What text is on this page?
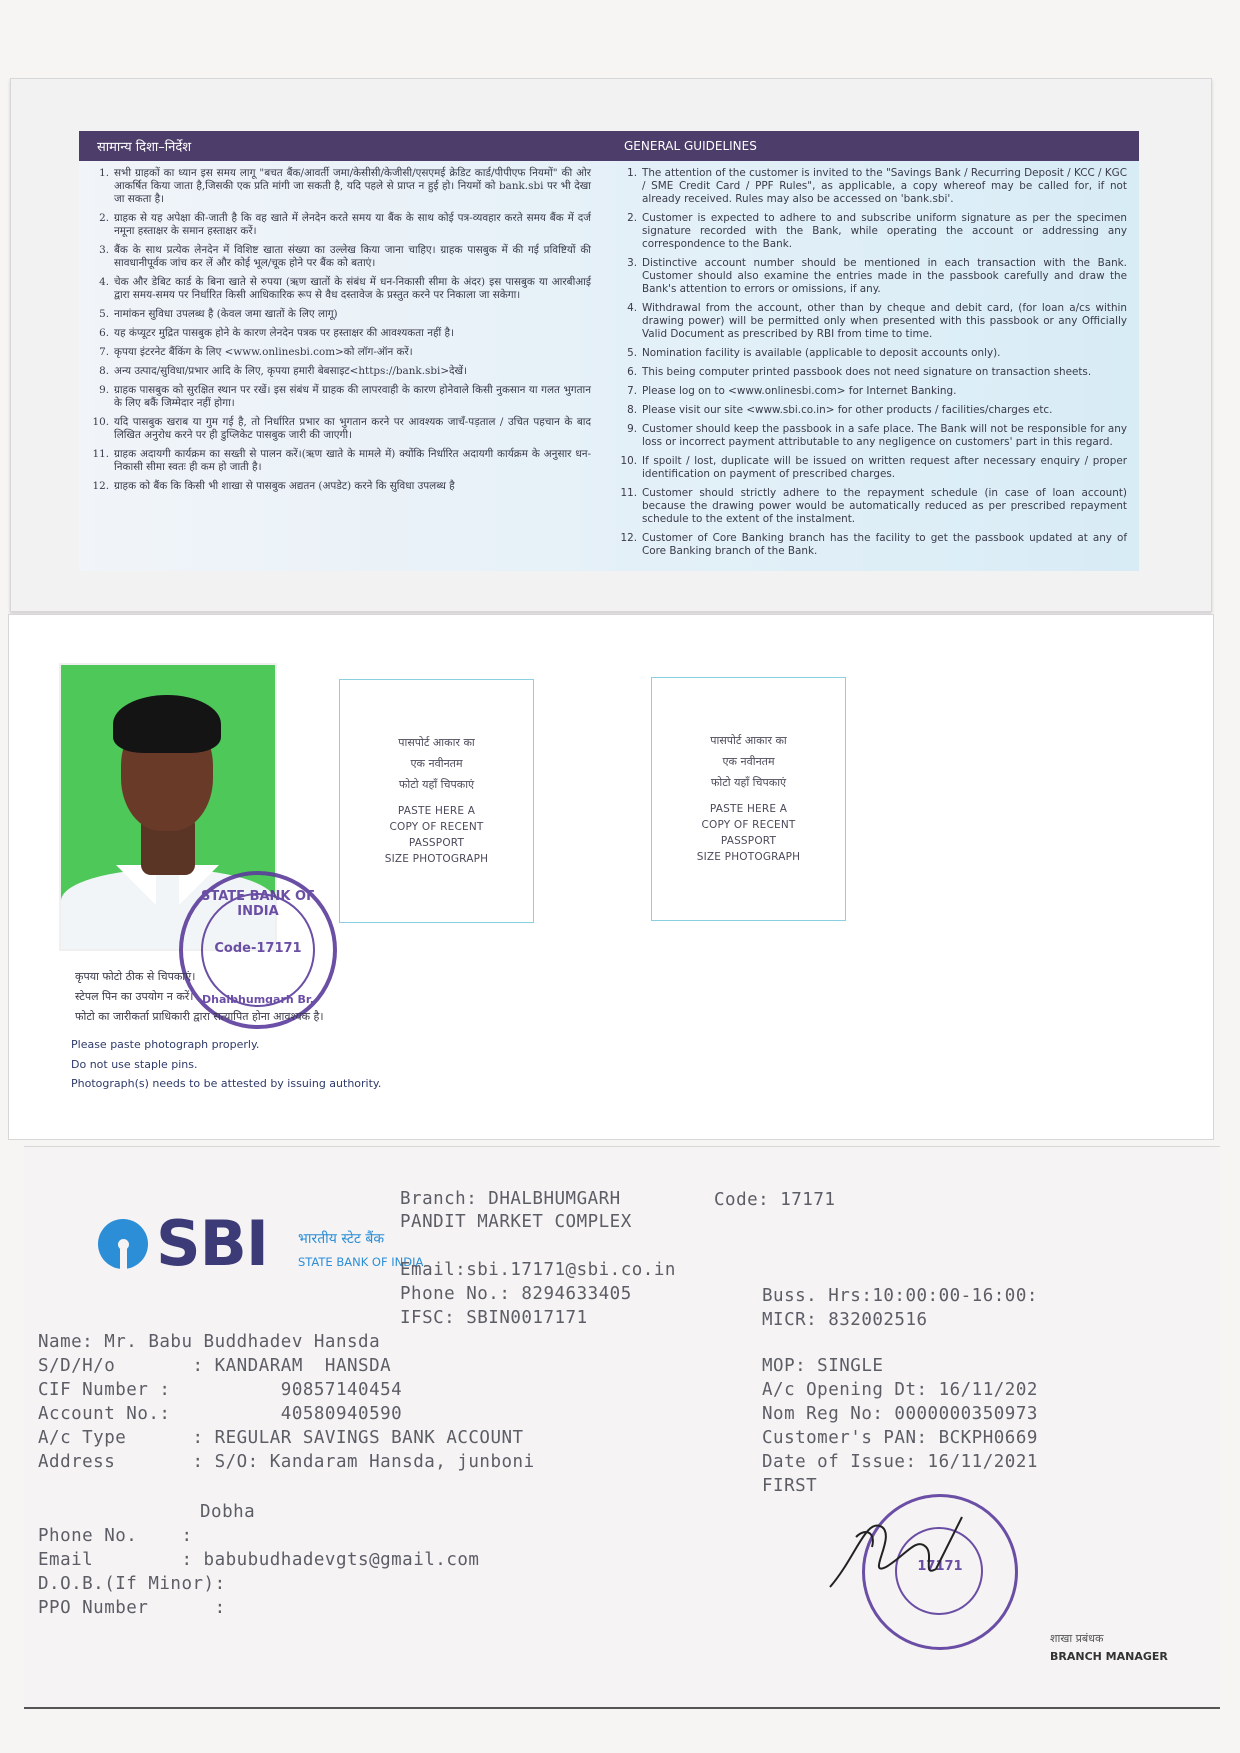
सामान्य दिशा–निर्देश	GENERAL GUIDELINES
1. सभी ग्राहकों का ध्यान इस समय लागू "बचत बैंक/आवर्ती जमा/केसीसी/केजीसी/एसएमई क्रेडिट कार्ड/पीपीएफ नियमों" की ओर आकर्षित किया जाता है,जिसकी एक प्रति मांगी जा सकती है, यदि पहले से प्राप्त न हुई हो। नियमों को bank.sbi पर भी देखा जा सकता है।
2. ग्राहक से यह अपेक्षा की-जाती है कि वह खाते में लेनदेन करते समय या बैंक के साथ कोई पत्र-व्यवहार करते समय बैंक में दर्ज नमूना हस्ताक्षर के समान हस्ताक्षर करें।
3. बैंक के साथ प्रत्येक लेनदेन में विशिष्ट खाता संख्या का उल्लेख किया जाना चाहिए। ग्राहक पासबुक में की गई प्रविष्टियों की सावधानीपूर्वक जांच कर लें और कोई भूल/चूक होने पर बैंक को बताएं।
4. चेक और डेबिट कार्ड के बिना खाते से रुपया (ऋण खातों के संबंध में धन-निकासी सीमा के अंदर) इस पासबुक या आरबीआई द्वारा समय-समय पर निर्धारित किसी आधिकारिक रूप से वैध दस्तावेज के प्रस्तुत करने पर निकाला जा सकेगा।
5. नामांकन सुविधा उपलब्ध है (केवल जमा खातों के लिए लागू)
6. यह कंप्यूटर मुद्रित पासबुक होने के कारण लेनदेन पत्रक पर हस्ताक्षर की आवश्यकता नहीं है।
7. कृपया इंटरनेट बैंकिंग के लिए <www.onlinesbi.com>को लॉग-ऑन करें।
8. अन्य उत्पाद/सुविधा/प्रभार आदि के लिए, कृपया हमारी बेबसाइट<https://bank.sbi>देखें।
9. ग्राहक पासबुक को सुरक्षित स्थान पर रखें। इस संबंध में ग्राहक की लापरवाही के कारण होनेवाले किसी नुकसान या गलत भुगतान के लिए बकैं जिम्मेदार नहीं होगा।
10. यदि पासबुक खराब या गुम गई है, तो निर्धारित प्रभार का भुगतान करने पर आवश्यक जाचँ-पड़ताल / उचित पहचान के बाद लिखित अनुरोध करने पर ही डुप्लिकेट पासबुक जारी की जाएगी।
11. ग्राहक अदायगी कार्यक्रम का सख्ती से पालन करें।(ऋण खाते के मामले में) क्योंकि निर्धारित अदायगी कार्यक्रम के अनुसार धन-निकासी सीमा स्वतः ही कम हो जाती है।
12. ग्राहक को बैंक कि किसी भी शाखा से पासबुक अद्यतन (अपडेट) करने कि सुविधा उपलब्ध है
1. The attention of the customer is invited to the "Savings Bank / Recurring Deposit / KCC / KGC / SME Credit Card / PPF Rules", as applicable, a copy whereof may be called for, if not already received. Rules may also be accessed on 'bank.sbi'.
2. Customer is expected to adhere to and subscribe uniform signature as per the specimen signature recorded with the Bank, while operating the account or addressing any correspondence to the Bank.
3. Distinctive account number should be mentioned in each transaction with the Bank. Customer should also examine the entries made in the passbook carefully and draw the Bank's attention to errors or omissions, if any.
4. Withdrawal from the account, other than by cheque and debit card, (for loan a/cs within drawing power) will be permitted only when presented with this passbook or any Officially Valid Document as prescribed by RBI from time to time.
5. Nomination facility is available (applicable to deposit accounts only).
6. This being computer printed passbook does not need signature on transaction sheets.
7. Please log on to <www.onlinesbi.com> for Internet Banking.
8. Please visit our site <www.sbi.co.in> for other products / facilities/charges etc.
9. Customer should keep the passbook in a safe place. The Bank will not be responsible for any loss or incorrect payment attributable to any negligence on customers' part in this regard.
10. If spoilt / lost, duplicate will be issued on written request after necessary enquiry / proper identification on payment of prescribed charges.
11. Customer should strictly adhere to the repayment schedule (in case of loan account) because the drawing power would be automatically reduced as per prescribed repayment schedule to the extent of the instalment.
12. Customer of Core Banking branch has the facility to get the passbook updated at any of Core Banking branch of the Bank.
STATE BANK OF INDIA
Code-17171
Dhalbhumgarh Br.
पासपोर्ट आकार का
एक नवीनतम
फोटो यहाँ चिपकाएं
PASTE HERE A
COPY OF RECENT
PASSPORT
SIZE PHOTOGRAPH
पासपोर्ट आकार का
एक नवीनतम
फोटो यहाँ चिपकाएं
PASTE HERE A
COPY OF RECENT
PASSPORT
SIZE PHOTOGRAPH
कृपया फोटो ठीक से चिपकाएं।
स्टेपल पिन का उपयोग न करें।
फोटो का जारीकर्ता प्राधिकारी द्वारा सत्यापित होना आवश्यक है।
Please paste photograph properly.
Do not use staple pins.
Photograph(s) needs to be attested by issuing authority.
SBI भारतीय स्टेट बैंक
STATE BANK OF INDIA
Branch: DHALBHUMGARH	Code: 17171
PANDIT MARKET COMPLEX
Email:sbi.17171@sbi.co.in
Phone No.: 8294633405
IFSC: SBIN0017171
Buss. Hrs:10:00:00-16:00:
MICR: 832002516
Name: Mr. Babu Buddhadev Hansda
S/D/H/o       : KANDARAM  HANSDA
CIF Number :          90857140454
Account No.:          40580940590
A/c Type      : REGULAR SAVINGS BANK ACCOUNT
Address       : S/O: Kandaram Hansda, junboni
Dobha
Phone No.    :
Email        : babubudhadevgts@gmail.com
D.O.B.(If Minor):
PPO Number      :
MOP: SINGLE
A/c Opening Dt: 16/11/202
Nom Reg No: 0000000350973
Customer's PAN: BCKPH0669
Date of Issue: 16/11/2021
FIRST
17171
शाखा प्रबंधक
BRANCH MANAGER
